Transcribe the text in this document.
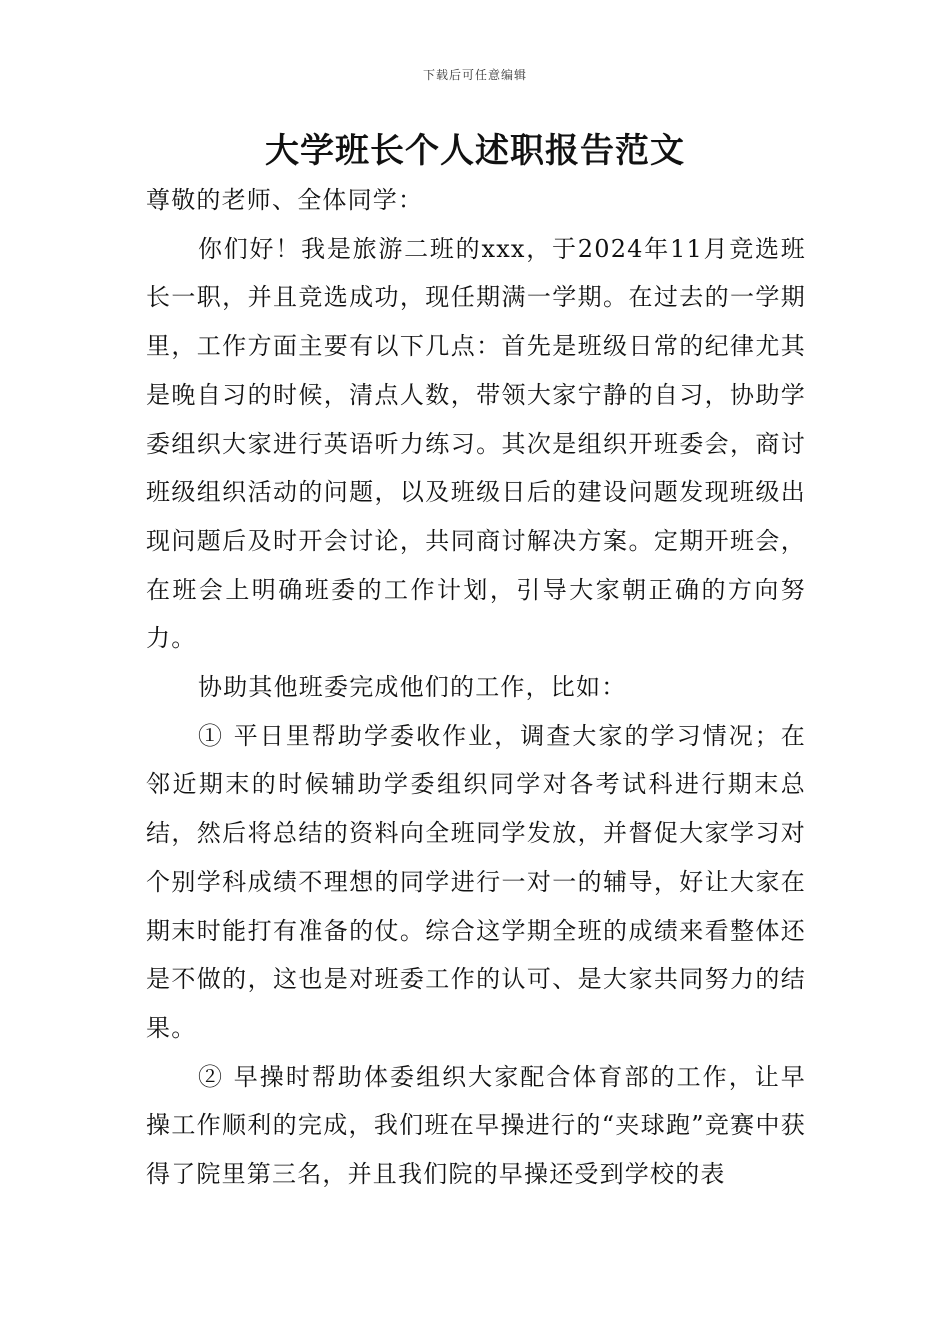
下载后可任意编辑
大学班长个人述职报告范文

尊敬的老师、全体同学：

你们好！我是旅游二班的xxx，于2024年11月竞选班长一职，并且竞选成功，现任期满一学期。在过去的一学期里，工作方面主要有以下几点：首先是班级日常的纪律尤其是晚自习的时候，清点人数，带领大家宁静的自习，协助学委组织大家进行英语听力练习。其次是组织开班委会，商讨班级组织活动的问题，以及班级日后的建设问题发现班级出现问题后及时开会讨论，共同商讨解决方案。定期开班会，在班会上明确班委的工作计划，引导大家朝正确的方向努力。

协助其他班委完成他们的工作，比如：

① 平日里帮助学委收作业，调查大家的学习情况；在邻近期末的时候辅助学委组织同学对各考试科进行期末总结，然后将总结的资料向全班同学发放，并督促大家学习对个别学科成绩不理想的同学进行一对一的辅导，好让大家在期末时能打有准备的仗。综合这学期全班的成绩来看整体还是不做的，这也是对班委工作的认可、是大家共同努力的结果。

② 早操时帮助体委组织大家配合体育部的工作，让早操工作顺利的完成，我们班在早操进行的“夹球跑”竞赛中获得了院里第三名，并且我们院的早操还受到学校的表
